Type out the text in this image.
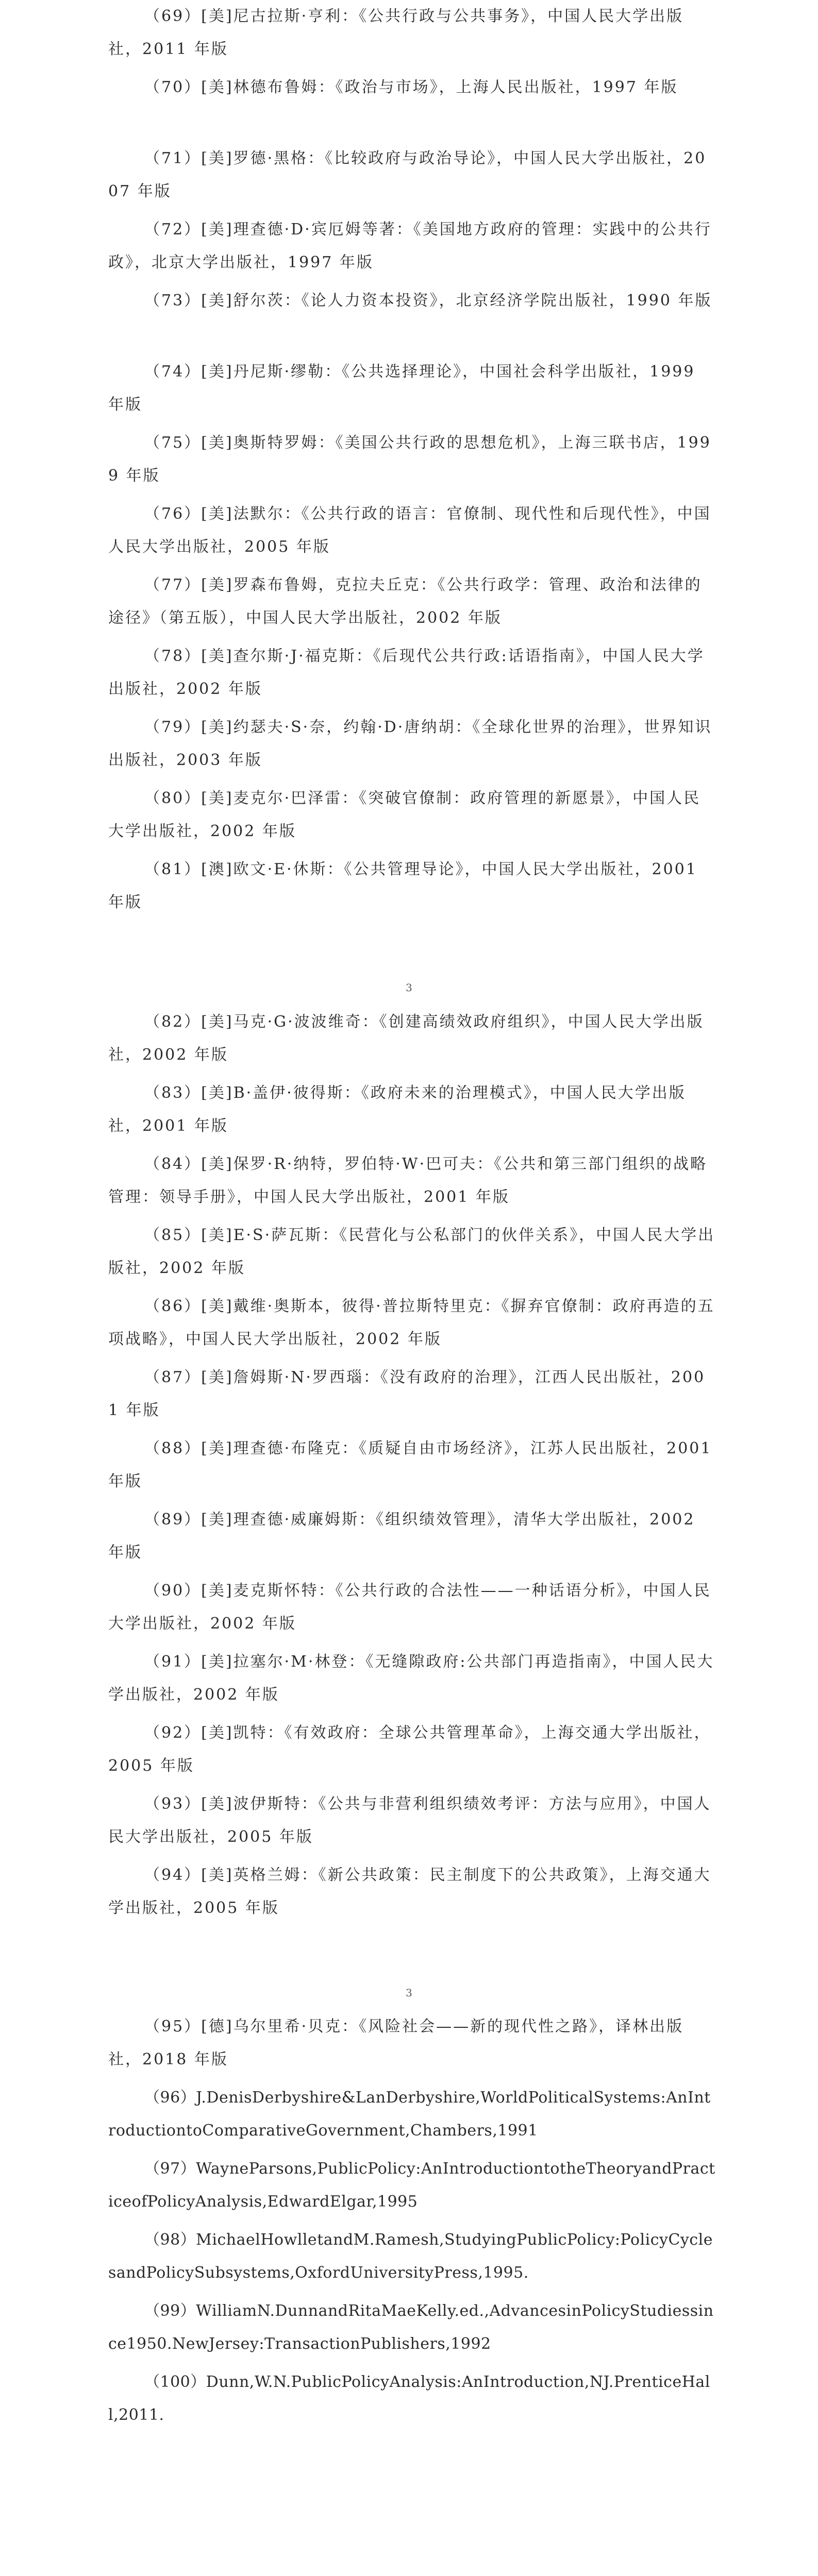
（69）[美]尼古拉斯·亨利：《公共行政与公共事务》，中国人民大学出版社，2011 年版

（70）[美]林德布鲁姆：《政治与市场》，上海人民出版社，1997 年版

（71）[美]罗德·黑格：《比较政府与政治导论》，中国人民大学出版社，2007 年版

（72）[美]理查德·D·宾厄姆等著：《美国地方政府的管理：实践中的公共行政》，北京大学出版社，1997 年版

（73）[美]舒尔茨：《论人力资本投资》，北京经济学院出版社，1990 年版

（74）[美]丹尼斯·缪勒：《公共选择理论》，中国社会科学出版社，1999 年版

（75）[美]奥斯特罗姆：《美国公共行政的思想危机》，上海三联书店，1999 年版

（76）[美]法默尔：《公共行政的语言：官僚制、现代性和后现代性》，中国人民大学出版社，2005 年版

（77）[美]罗森布鲁姆，克拉夫丘克：《公共行政学：管理、政治和法律的途径》（第五版），中国人民大学出版社，2002 年版

（78）[美]查尔斯·J·福克斯：《后现代公共行政:话语指南》，中国人民大学出版社，2002 年版

（79）[美]约瑟夫·S·奈，约翰·D·唐纳胡：《全球化世界的治理》，世界知识出版社，2003 年版

（80）[美]麦克尔·巴泽雷：《突破官僚制：政府管理的新愿景》，中国人民大学出版社，2002 年版

（81）[澳]欧文·E·休斯：《公共管理导论》，中国人民大学出版社，2001 年版

3

（82）[美]马克·G·波波维奇：《创建高绩效政府组织》，中国人民大学出版社，2002 年版

（83）[美]B·盖伊·彼得斯：《政府未来的治理模式》，中国人民大学出版社，2001 年版

（84）[美]保罗·R·纳特，罗伯特·W·巴可夫：《公共和第三部门组织的战略管理：领导手册》，中国人民大学出版社，2001 年版

（85）[美]E·S·萨瓦斯：《民营化与公私部门的伙伴关系》，中国人民大学出版社，2002 年版

（86）[美]戴维·奥斯本，彼得·普拉斯特里克：《摒弃官僚制：政府再造的五项战略》，中国人民大学出版社，2002 年版

（87）[美]詹姆斯·N·罗西瑙：《没有政府的治理》，江西人民出版社，2001 年版

（88）[美]理查德·布隆克：《质疑自由市场经济》，江苏人民出版社，2001 年版

（89）[美]理查德·威廉姆斯：《组织绩效管理》，清华大学出版社，2002 年版

（90）[美]麦克斯怀特：《公共行政的合法性——一种话语分析》，中国人民大学出版社，2002 年版

（91）[美]拉塞尔·M·林登：《无缝隙政府:公共部门再造指南》，中国人民大学出版社，2002 年版

（92）[美]凯特：《有效政府：全球公共管理革命》，上海交通大学出版社，2005 年版

（93）[美]波伊斯特：《公共与非营利组织绩效考评：方法与应用》，中国人民大学出版社，2005 年版

（94）[美]英格兰姆：《新公共政策：民主制度下的公共政策》，上海交通大学出版社，2005 年版

3

（95）[德]乌尔里希·贝克：《风险社会——新的现代性之路》，译林出版社，2018 年版

（96）J.DenisDerbyshire&LanDerbyshire,WorldPoliticalSystems:AnIntroductiontoComparativeGovernment,Chambers,1991

（97）WayneParsons,PublicPolicy:AnIntroductiontotheTheoryandPracticeofPolicyAnalysis,EdwardElgar,1995

（98）MichaelHowlletandM.Ramesh,StudyingPublicPolicy:PolicyCyclesandPolicySubsystems,OxfordUniversityPress,1995.

（99）WilliamN.DunnandRitaMaeKelly.ed.,AdvancesinPolicyStudiessince1950.NewJersey:TransactionPublishers,1992

（100）Dunn,W.N.PublicPolicyAnalysis:AnIntroduction,NJ.PrenticeHall,2011.
